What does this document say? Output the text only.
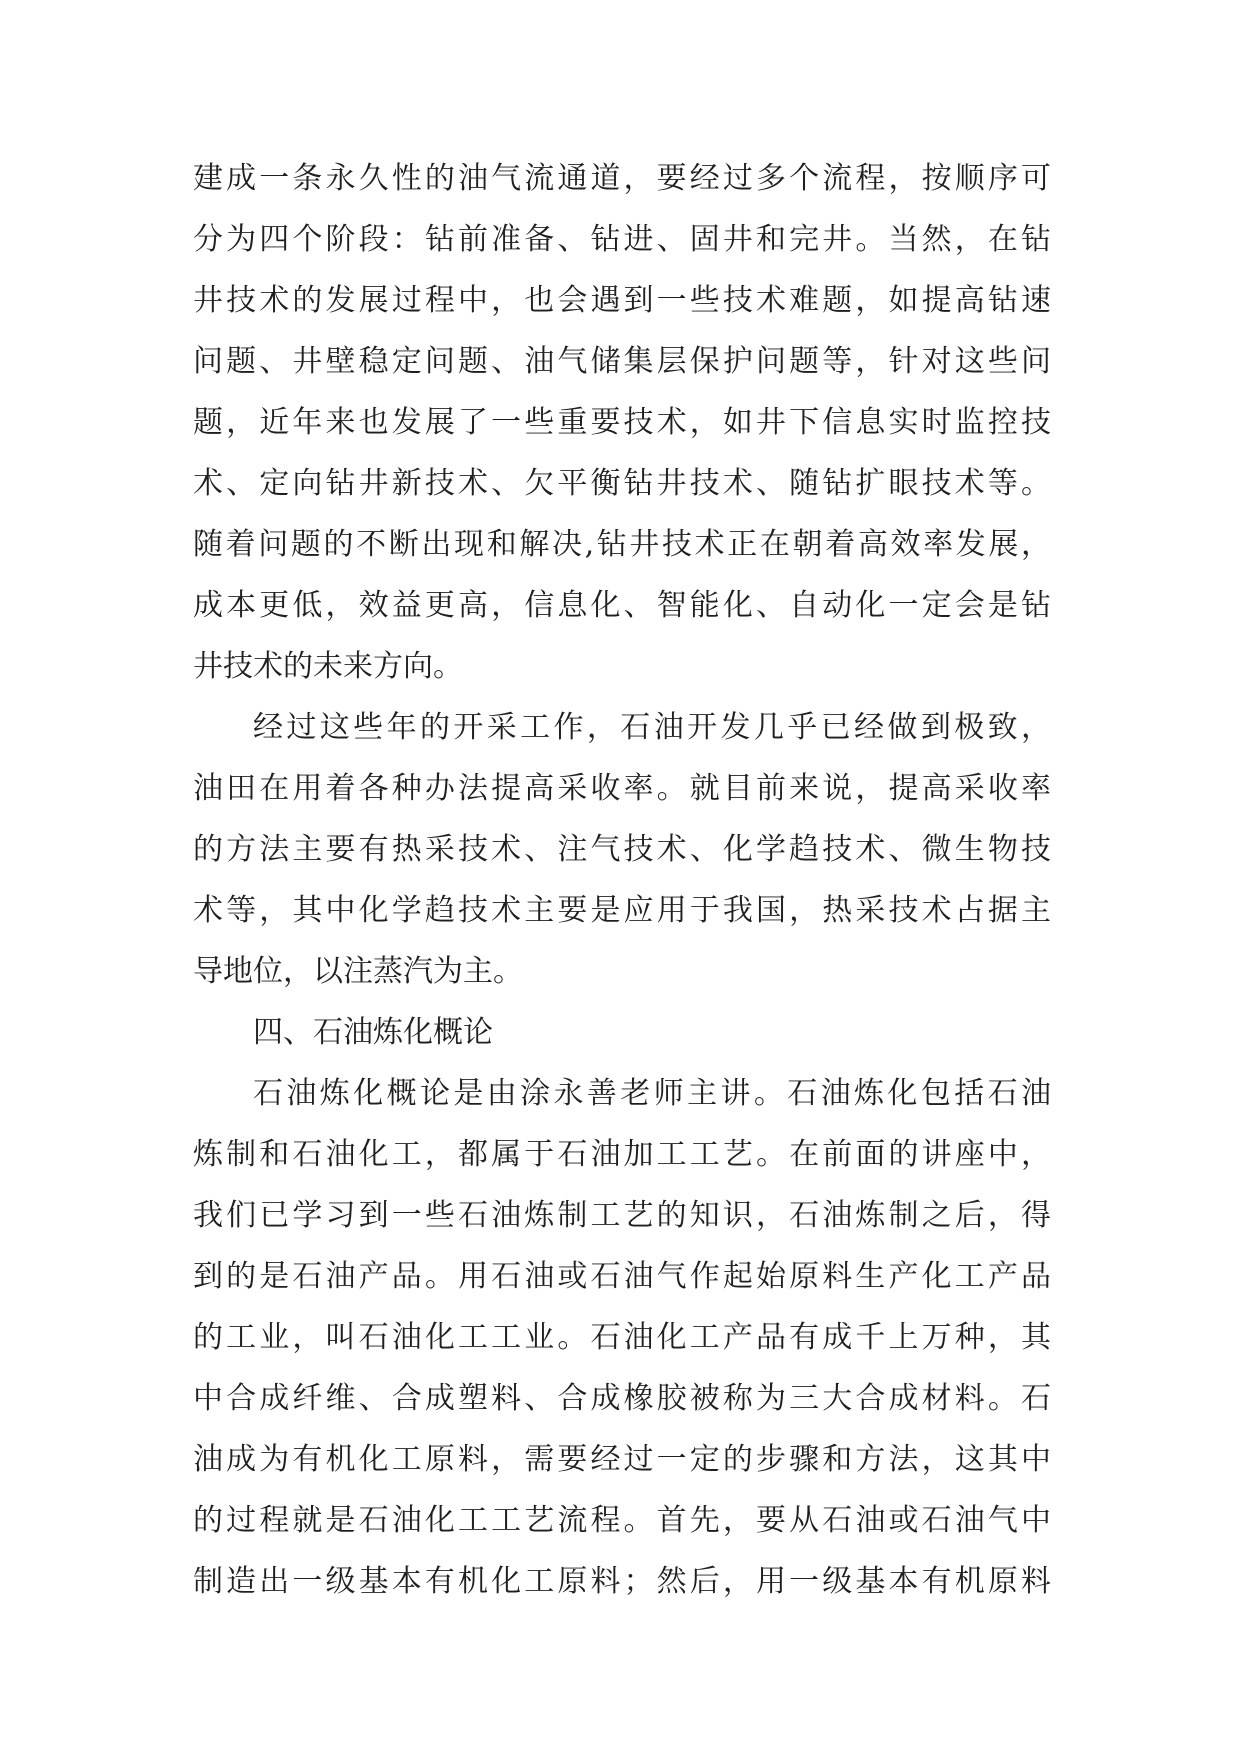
建成一条永久性的油气流通道，要经过多个流程，按顺序可
分为四个阶段：钻前准备、钻进、固井和完井。当然，在钻
井技术的发展过程中，也会遇到一些技术难题，如提高钻速
问题、井壁稳定问题、油气储集层保护问题等，针对这些问
题，近年来也发展了一些重要技术，如井下信息实时监控技
术、定向钻井新技术、欠平衡钻井技术、随钻扩眼技术等。
随着问题的不断出现和解决,钻井技术正在朝着高效率发展，
成本更低，效益更高，信息化、智能化、自动化一定会是钻
井技术的未来方向。
经过这些年的开采工作，石油开发几乎已经做到极致，
油田在用着各种办法提高采收率。就目前来说，提高采收率
的方法主要有热采技术、注气技术、化学趋技术、微生物技
术等，其中化学趋技术主要是应用于我国，热采技术占据主
导地位，以注蒸汽为主。
四、石油炼化概论
石油炼化概论是由涂永善老师主讲。石油炼化包括石油
炼制和石油化工，都属于石油加工工艺。在前面的讲座中，
我们已学习到一些石油炼制工艺的知识，石油炼制之后，得
到的是石油产品。用石油或石油气作起始原料生产化工产品
的工业，叫石油化工工业。石油化工产品有成千上万种，其
中合成纤维、合成塑料、合成橡胶被称为三大合成材料。石
油成为有机化工原料，需要经过一定的步骤和方法，这其中
的过程就是石油化工工艺流程。首先，要从石油或石油气中
制造出一级基本有机化工原料；然后，用一级基本有机原料
